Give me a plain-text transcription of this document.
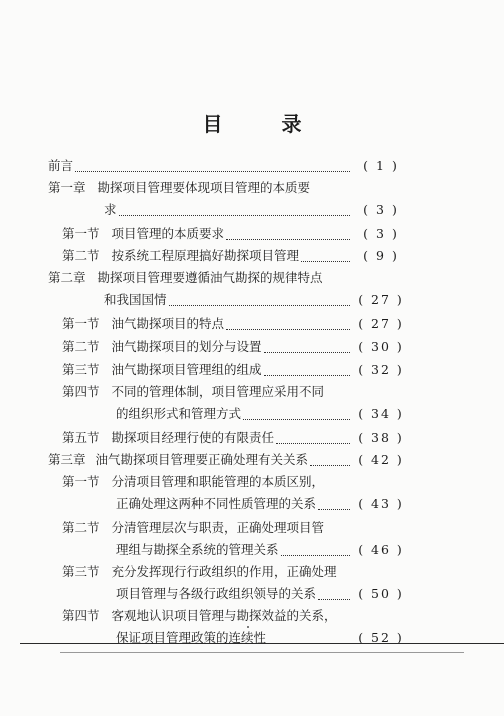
目 录
前言	( 1 )
第一章 勘探项目管理要体现项目管理的本质要
求	( 3 )
第一节 项目管理的本质要求	( 3 )
第二节 按系统工程原理搞好勘探项目管理	( 9 )
第二章 勘探项目管理要遵循油气勘探的规律特点
和我国国情	( 27 )
第一节 油气勘探项目的特点	( 27 )
第二节 油气勘探项目的划分与设置	( 30 )
第三节 油气勘探项目管理组的组成	( 32 )
第四节 不同的管理体制，项目管理应采用不同
的组织形式和管理方式	( 34 )
第五节 勘探项目经理行使的有限责任	( 38 )
第三章 油气勘探项目管理要正确处理有关关系	( 42 )
第一节 分清项目管理和职能管理的本质区别，
正确处理这两种不同性质管理的关系	( 43 )
第二节 分清管理层次与职责，正确处理项目管
理组与勘探全系统的管理关系	( 46 )
第三节 充分发挥现行行政组织的作用，正确处理
项目管理与各级行政组织领导的关系	( 50 )
第四节 客观地认识项目管理与勘探效益的关系，
保证项目管理政策的连续性	( 52 )
